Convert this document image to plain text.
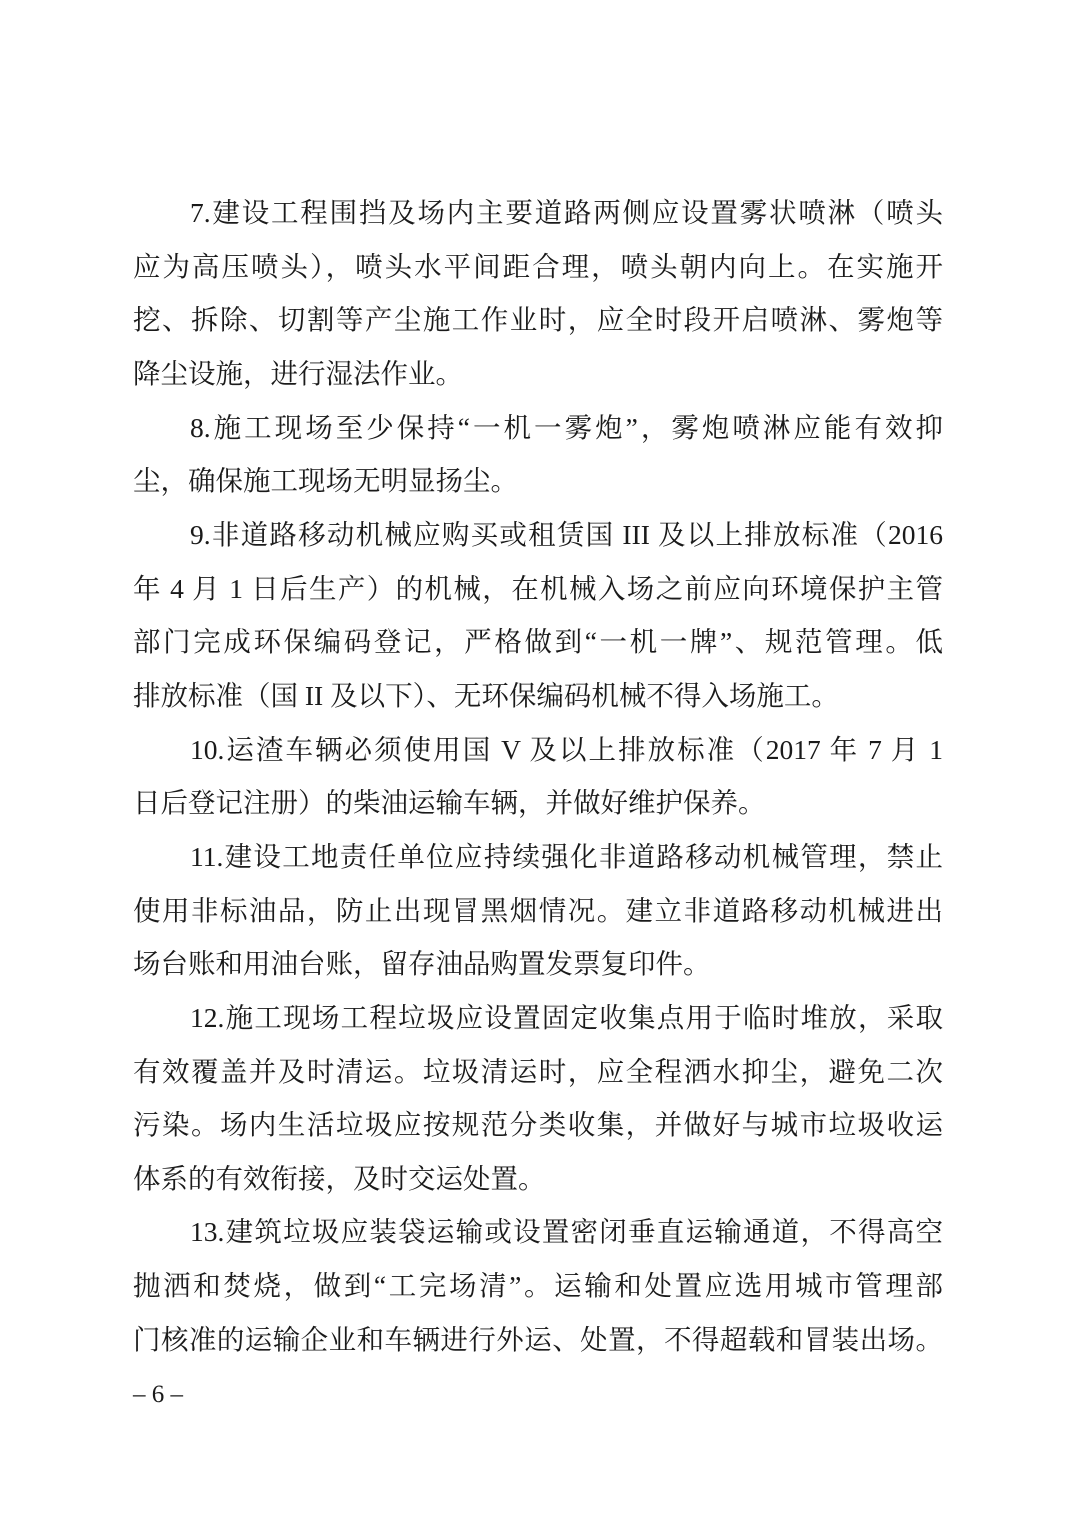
7.建设工程围挡及场内主要道路两侧应设置雾状喷淋（喷头
应为高压喷头），喷头水平间距合理，喷头朝内向上。在实施开
挖、拆除、切割等产尘施工作业时，应全时段开启喷淋、雾炮等
降尘设施，进行湿法作业。
8.施工现场至少保持“一机一雾炮”，雾炮喷淋应能有效抑
尘，确保施工现场无明显扬尘。
9.非道路移动机械应购买或租赁国 III 及以上排放标准（2016
年 4 月 1 日后生产）的机械，在机械入场之前应向环境保护主管
部门完成环保编码登记，严格做到“一机一牌”、规范管理。低
排放标准（国 II 及以下）、无环保编码机械不得入场施工。
10.运渣车辆必须使用国 V 及以上排放标准（2017 年 7 月 1
日后登记注册）的柴油运输车辆，并做好维护保养。
11.建设工地责任单位应持续强化非道路移动机械管理，禁止
使用非标油品，防止出现冒黑烟情况。建立非道路移动机械进出
场台账和用油台账，留存油品购置发票复印件。
12.施工现场工程垃圾应设置固定收集点用于临时堆放，采取
有效覆盖并及时清运。垃圾清运时，应全程洒水抑尘，避免二次
污染。场内生活垃圾应按规范分类收集，并做好与城市垃圾收运
体系的有效衔接，及时交运处置。
13.建筑垃圾应装袋运输或设置密闭垂直运输通道，不得高空
抛洒和焚烧，做到“工完场清”。运输和处置应选用城市管理部
门核准的运输企业和车辆进行外运、处置，不得超载和冒装出场。
– 6 –
